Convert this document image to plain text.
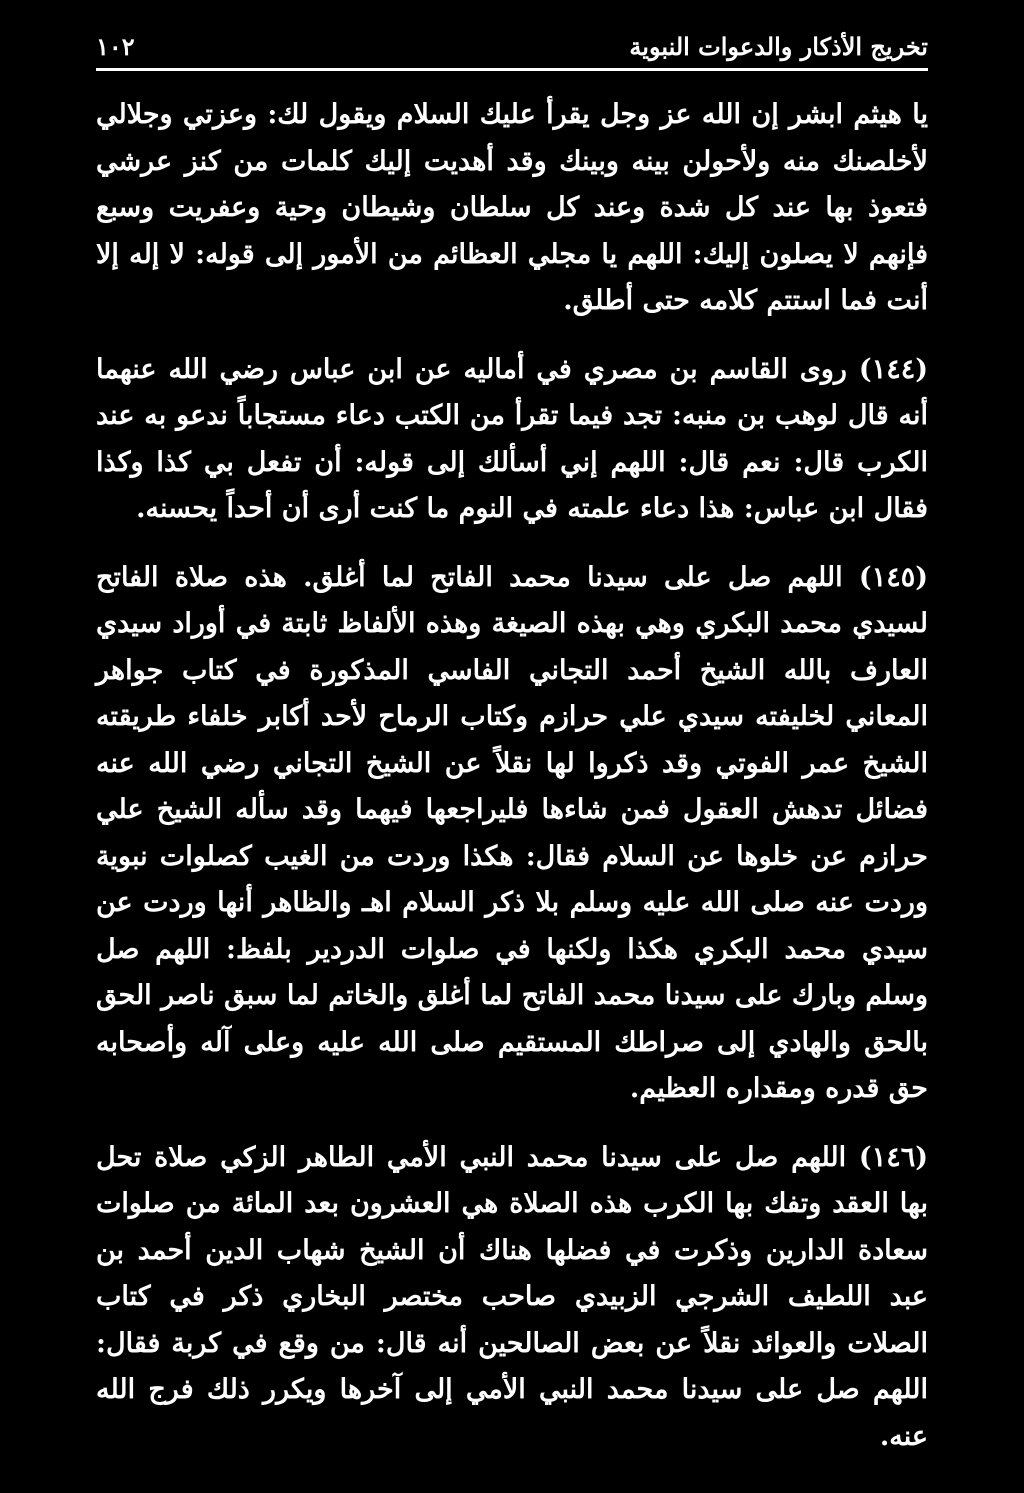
تخريج الأذكار والدعوات النبوية
١٠٢

يا هيثم ابشر إن الله عز وجل يقرأ عليك السلام ويقول لك: وعزتي وجلالي لأخلصنك منه ولأحولن بينه وبينك وقد أهديت إليك كلمات من كنز عرشي فتعوذ بها عند كل شدة وعند كل سلطان وشيطان وحية وعفريت وسبع فإنهم لا يصلون إليك: اللهم يا مجلي العظائم من الأمور إلى قوله: لا إله إلا أنت فما استتم كلامه حتى أطلق.

(١٤٤) روى القاسم بن مصري في أماليه عن ابن عباس رضي الله عنهما أنه قال لوهب بن منبه: تجد فيما تقرأ من الكتب دعاء مستجاباً ندعو به عند الكرب قال: نعم قال: اللهم إني أسألك إلى قوله: أن تفعل بي كذا وكذا فقال ابن عباس: هذا دعاء علمته في النوم ما كنت أرى أن أحداً يحسنه.

(١٤٥) اللهم صل على سيدنا محمد الفاتح لما أغلق. هذه صلاة الفاتح لسيدي محمد البكري وهي بهذه الصيغة وهذه الألفاظ ثابتة في أوراد سيدي العارف بالله الشيخ أحمد التجاني الفاسي المذكورة في كتاب جواهر المعاني لخليفته سيدي علي حرازم وكتاب الرماح لأحد أكابر خلفاء طريقته الشيخ عمر الفوتي وقد ذكروا لها نقلاً عن الشيخ التجاني رضي الله عنه فضائل تدهش العقول فمن شاءها فليراجعها فيهما وقد سأله الشيخ علي حرازم عن خلوها عن السلام فقال: هكذا وردت من الغيب كصلوات نبوية وردت عنه صلى الله عليه وسلم بلا ذكر السلام اهـ والظاهر أنها وردت عن سيدي محمد البكري هكذا ولكنها في صلوات الدردير بلفظ: اللهم صل وسلم وبارك على سيدنا محمد الفاتح لما أغلق والخاتم لما سبق ناصر الحق بالحق والهادي إلى صراطك المستقيم صلى الله عليه وعلى آله وأصحابه حق قدره ومقداره العظيم.

(١٤٦) اللهم صل على سيدنا محمد النبي الأمي الطاهر الزكي صلاة تحل بها العقد وتفك بها الكرب هذه الصلاة هي العشرون بعد المائة من صلوات سعادة الدارين وذكرت في فضلها هناك أن الشيخ شهاب الدين أحمد بن عبد اللطيف الشرجي الزبيدي صاحب مختصر البخاري ذكر في كتاب الصلات والعوائد نقلاً عن بعض الصالحين أنه قال: من وقع في كربة فقال: اللهم صل على سيدنا محمد النبي الأمي إلى آخرها ويكرر ذلك فرج الله عنه.
